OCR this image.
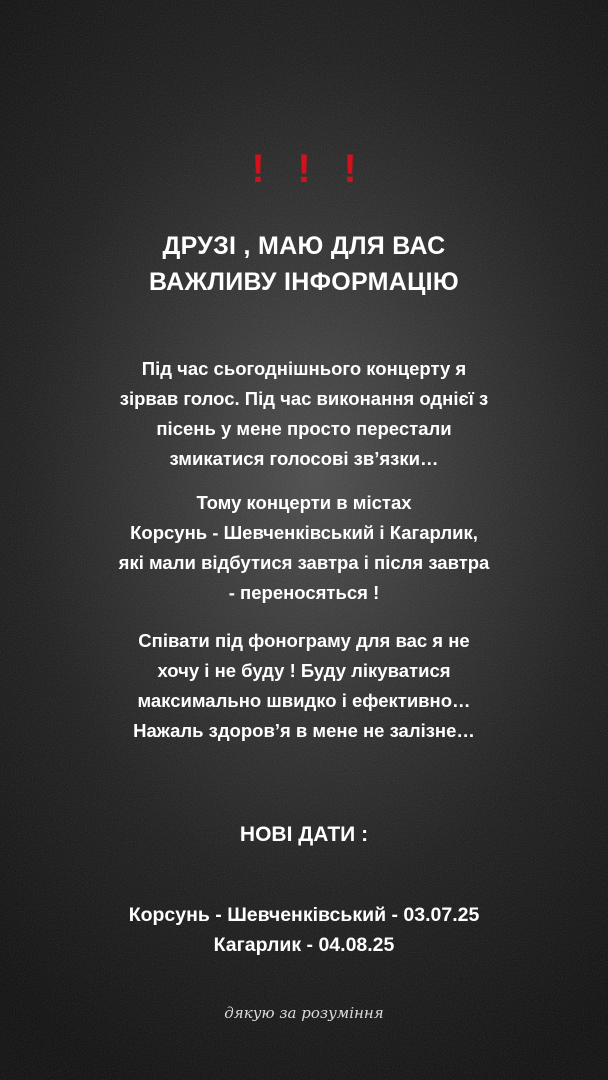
! ! !
ДРУЗІ , МАЮ ДЛЯ ВАС
ВАЖЛИВУ ІНФОРМАЦІЮ
Під час сьогоднішнього концерту я
зірвав голос. Під час виконання однієї з
пісень у мене просто перестали
змикатися голосові зв’язки…
Тому концерти в містах
Корсунь - Шевченківський і Кагарлик,
які мали відбутися завтра і після завтра
- переносяться !
Співати під фонограму для вас я не
хочу і не буду ! Буду лікуватися
максимально швидко і ефективно…
Нажаль здоров’я в мене не залізне…
НОВІ ДАТИ :
Корсунь - Шевченківський - 03.07.25
Кагарлик - 04.08.25
дякую за розуміння
